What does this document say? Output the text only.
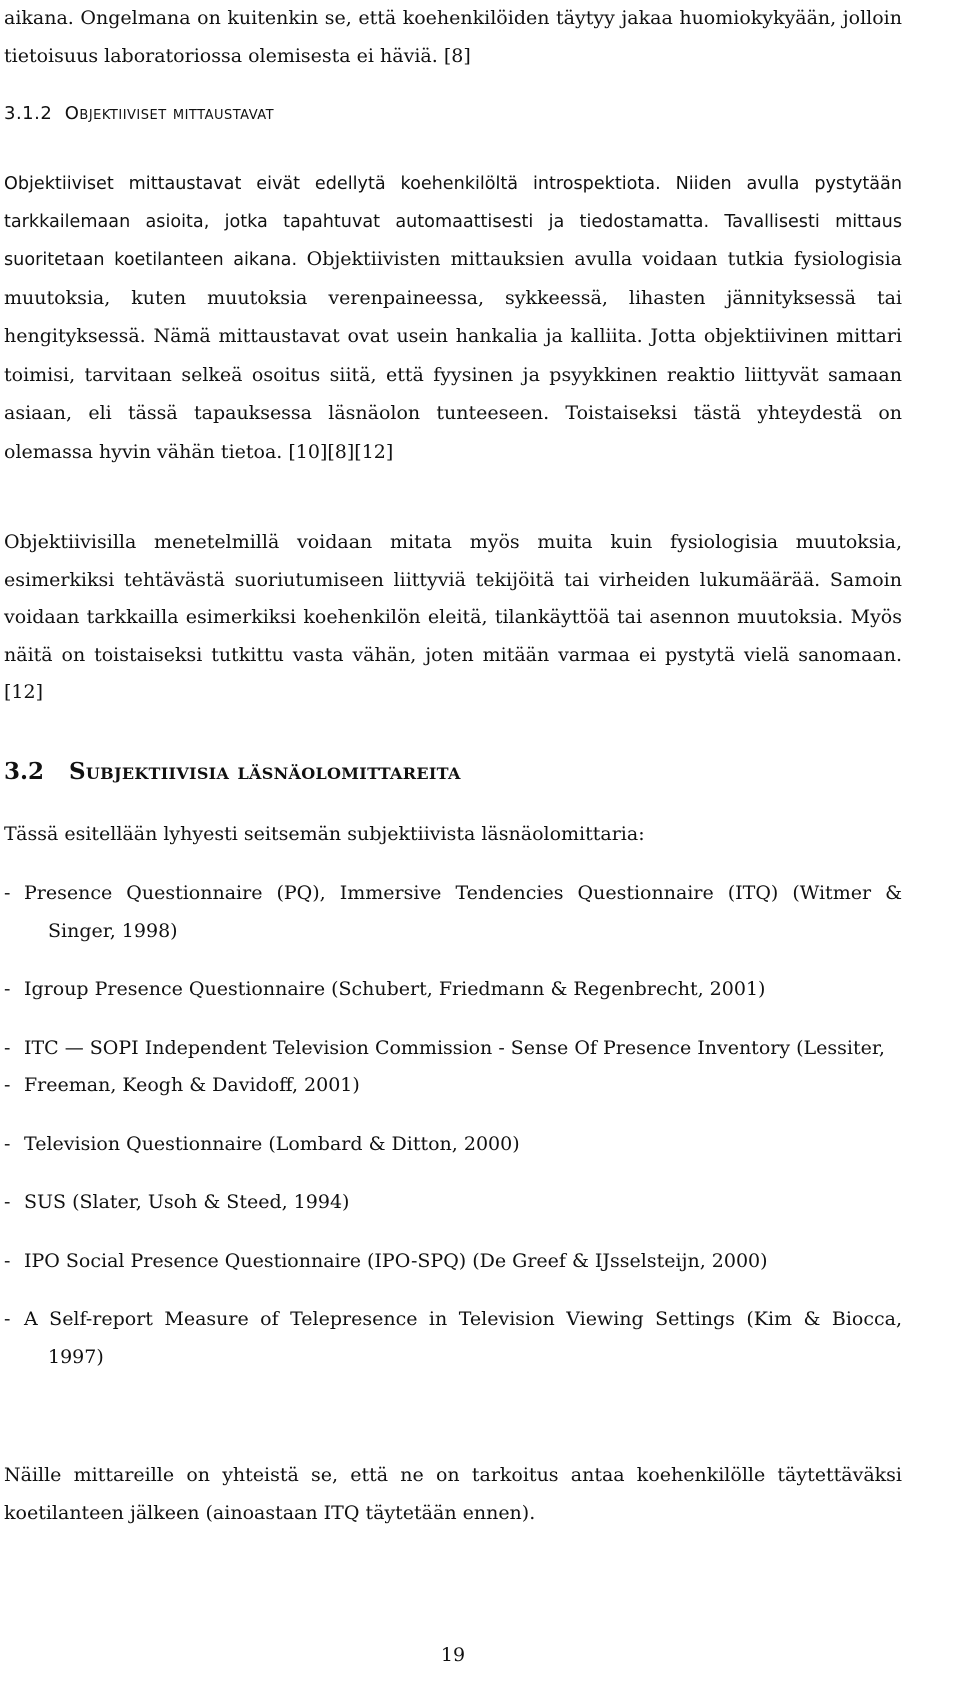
aikana. Ongelmana on kuitenkin se, että koehenkilöiden täytyy jakaa huomiokykyään, jolloin tietoisuus laboratoriossa olemisesta ei häviä. [8]

3.1.2 Objektiiviset mittaustavat

Objektiiviset mittaustavat eivät edellytä koehenkilöltä introspektiota. Niiden avulla pystytään tarkkailemaan asioita, jotka tapahtuvat automaattisesti ja tiedostamatta. Tavallisesti mittaus suoritetaan koetilanteen aikana. Objektiivisten mittauksien avulla voidaan tutkia fysiologisia muutoksia, kuten muutoksia verenpaineessa, sykkeessä, lihasten jännityksessä tai hengityksessä. Nämä mittaustavat ovat usein hankalia ja kalliita. Jotta objektiivinen mittari toimisi, tarvitaan selkeä osoitus siitä, että fyysinen ja psyykkinen reaktio liittyvät samaan asiaan, eli tässä tapauksessa läsnäolon tunteeseen. Toistaiseksi tästä yhteydestä on olemassa hyvin vähän tietoa. [10][8][12]

Objektiivisilla menetelmillä voidaan mitata myös muita kuin fysiologisia muutoksia, esimerkiksi tehtävästä suoriutumiseen liittyviä tekijöitä tai virheiden lukumäärää. Samoin voidaan tarkkailla esimerkiksi koehenkilön eleitä, tilankäyttöä tai asennon muutoksia. Myös näitä on toistaiseksi tutkittu vasta vähän, joten mitään varmaa ei pystytä vielä sanomaan. [12]

3.2 Subjektiivisia läsnäolomittareita

Tässä esitellään lyhyesti seitsemän subjektiivista läsnäolomittaria:

- Presence Questionnaire (PQ), Immersive Tendencies Questionnaire (ITQ) (Witmer & Singer, 1998)
- Igroup Presence Questionnaire (Schubert, Friedmann & Regenbrecht, 2001)
- ITC — SOPI Independent Television Commission - Sense Of Presence Inventory (Lessiter,
- Freeman, Keogh & Davidoff, 2001)
- Television Questionnaire (Lombard & Ditton, 2000)
- SUS (Slater, Usoh & Steed, 1994)
- IPO Social Presence Questionnaire (IPO-SPQ) (De Greef & IJsselsteijn, 2000)
- A Self-report Measure of Telepresence in Television Viewing Settings (Kim & Biocca, 1997)

Näille mittareille on yhteistä se, että ne on tarkoitus antaa koehenkilölle täytettäväksi koetilanteen jälkeen (ainoastaan ITQ täytetään ennen).

19
